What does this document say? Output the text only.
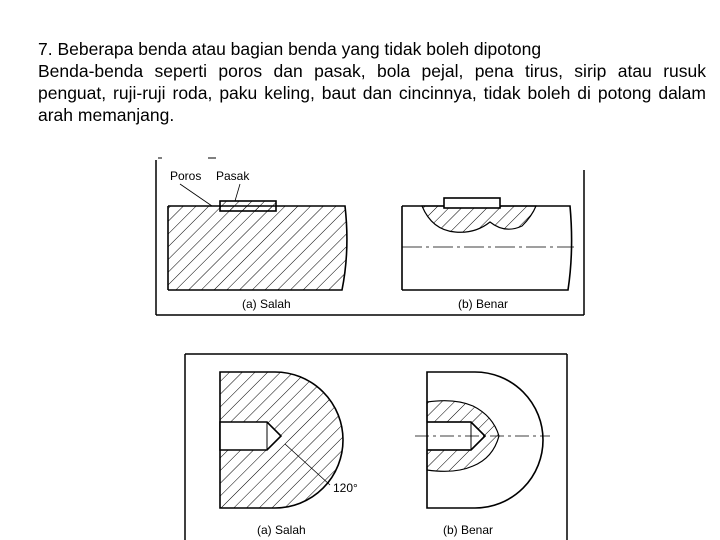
7. Beberapa benda atau bagian benda yang tidak boleh dipotong

Benda-benda seperti poros dan pasak, bola pejal, pena tirus, sirip atau rusuk penguat, ruji-ruji roda, paku keling, baut dan cincinnya, tidak boleh di potong dalam arah memanjang.

Poros Pasak
(a) Salah	(b) Benar
120°
(a) Salah	(b) Benar
